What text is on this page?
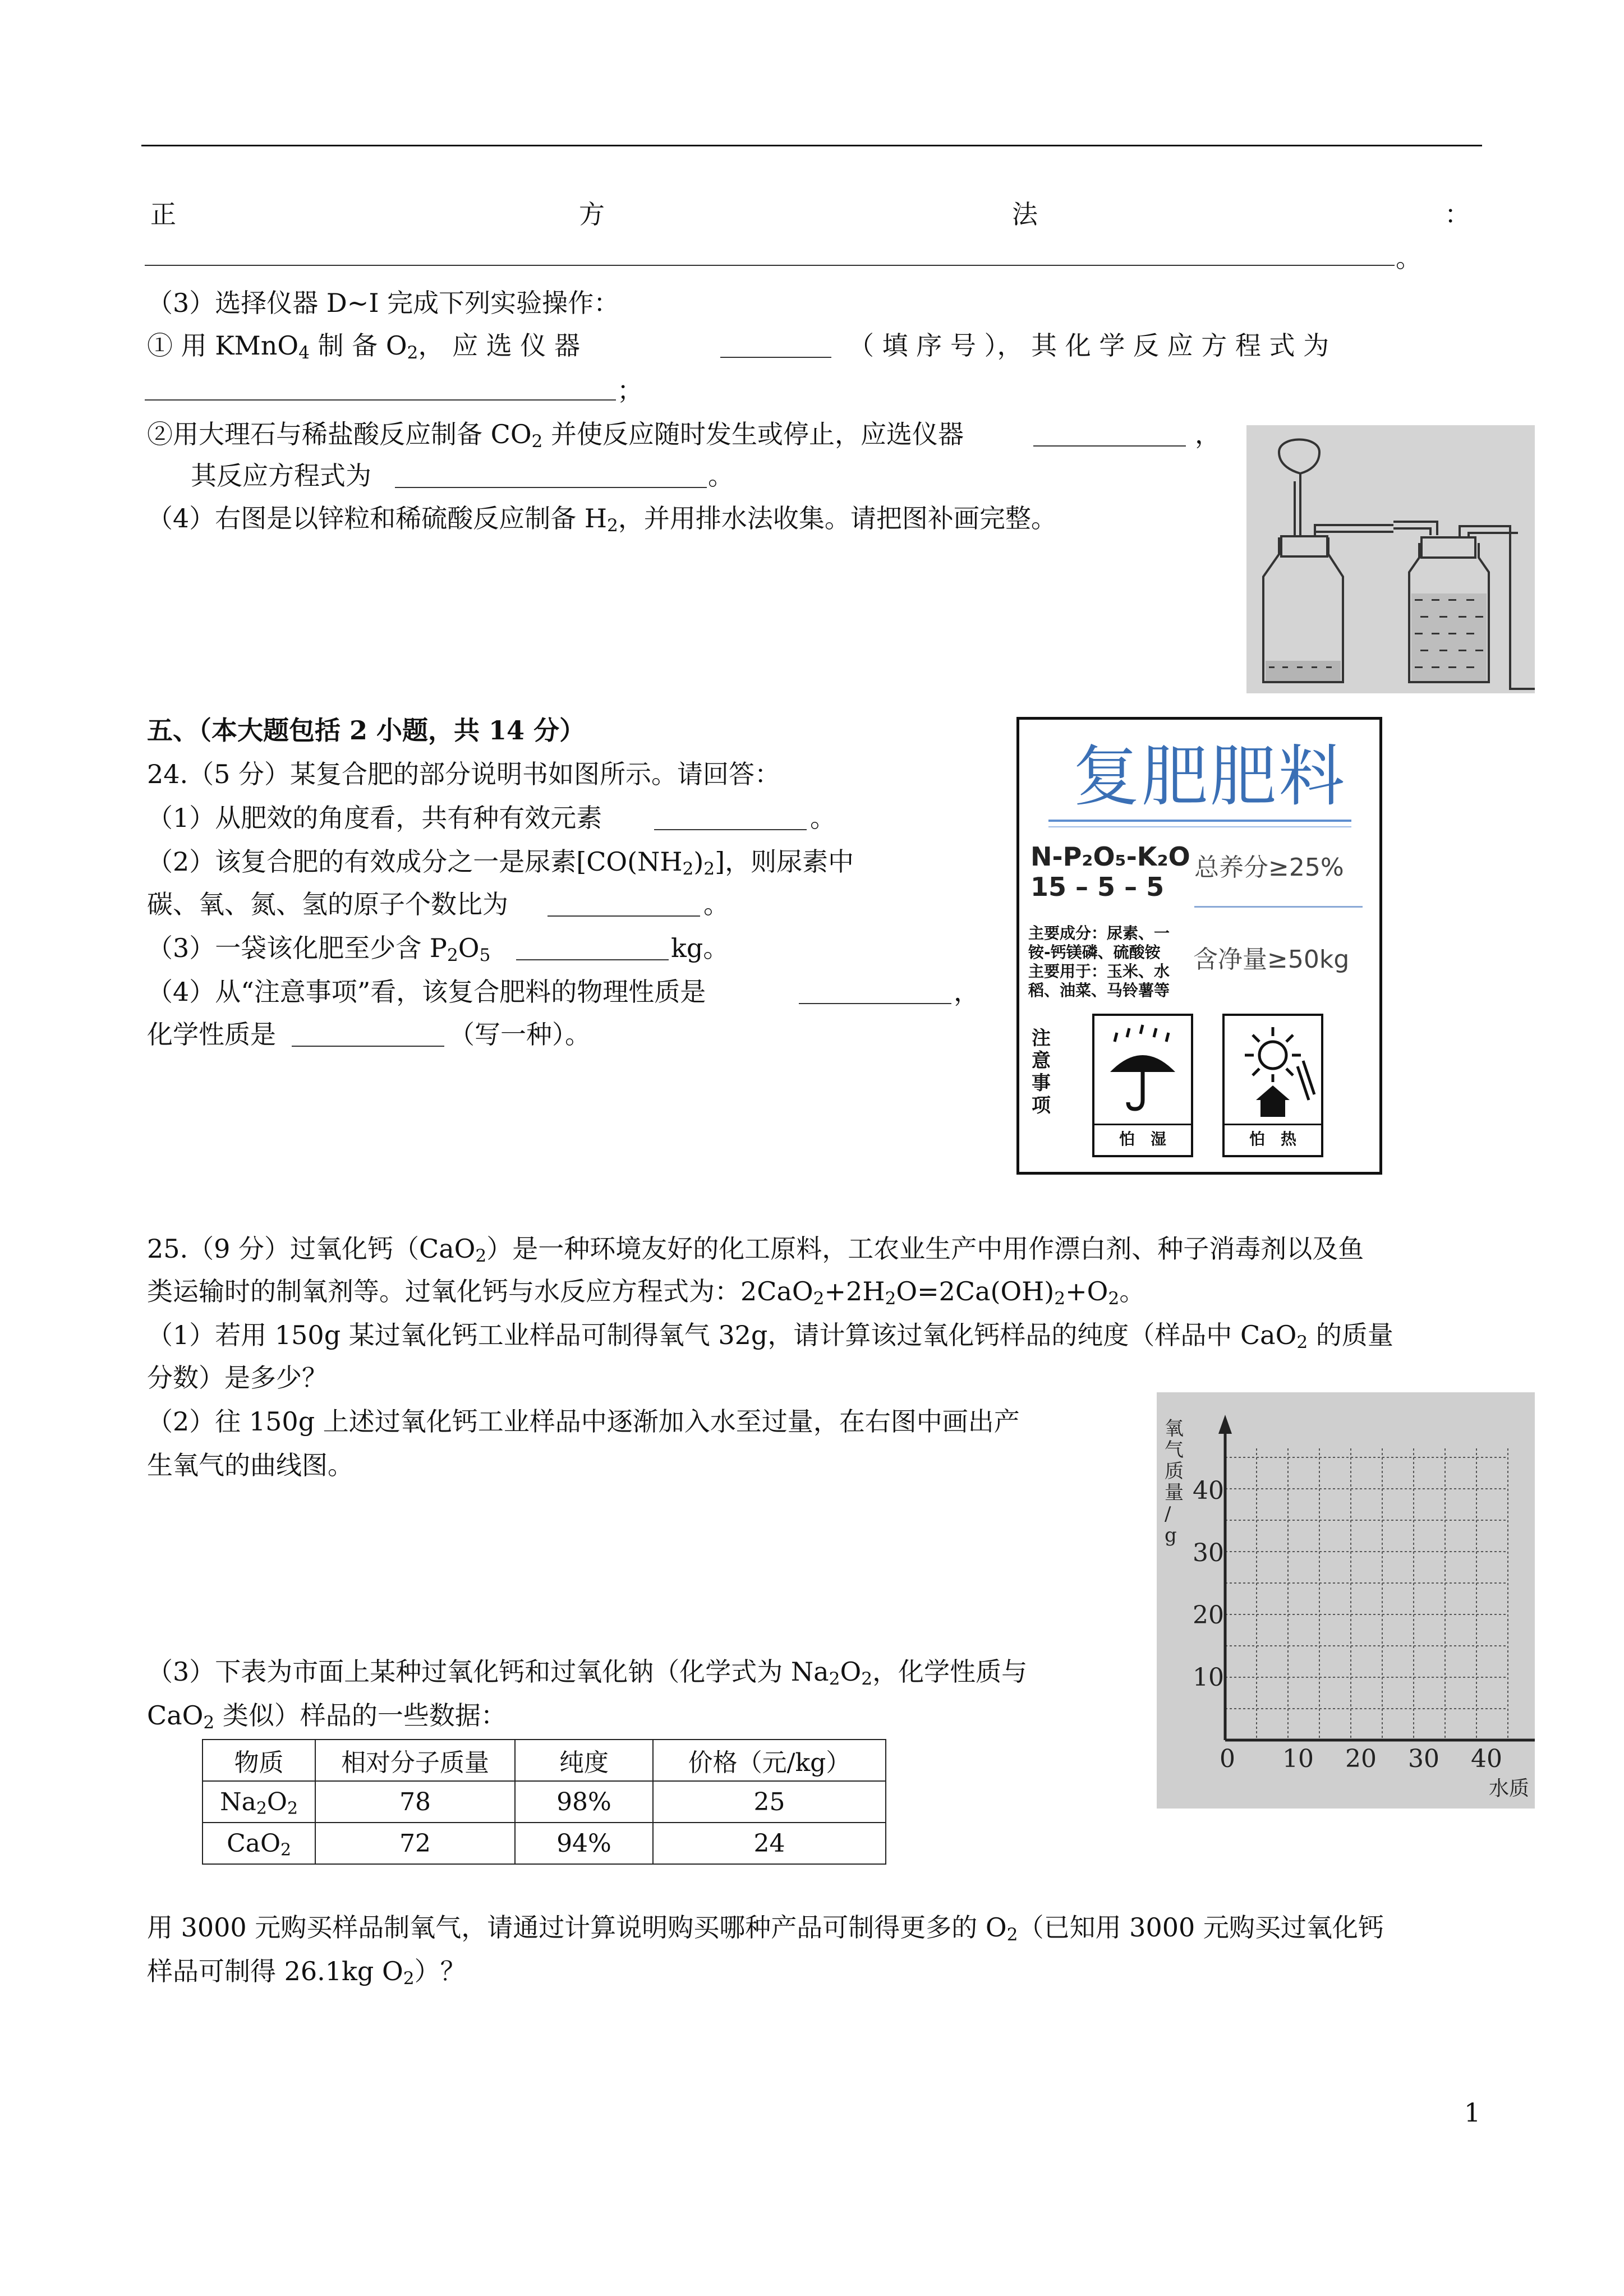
正	方	法	：
。
（3）选择仪器 D~I 完成下列实验操作：
① 用 KMnO$_4$ 制 备 $O_2$， 应 选 仪 器	（ 填 序 号 ）， 其 化 学 反 应 方 程 式 为
；
②用大理石与稀盐酸反应制备 $CO_2$ 并使反应随时发生或停止，应选仪器	，
其反应方程式为	。
（4）右图是以锌粒和稀硫酸反应制备 $H_2$，并用排水法收集。请把图补画完整。
五、（本大题包括 2 小题，共 14 分）
24.（5 分）某复合肥的部分说明书如图所示。请回答：
（1）从肥效的角度看，共有种有效元素	。
（2）该复合肥的有效成分之一是尿素$[CO(NH_2)_2]$，则尿素中
碳、氧、氮、氢的原子个数比为	。
（3）一袋该化肥至少含 $P_2O_5$	kg。
（4）从“注意事项”看，该复合肥料的物理性质是	，
化学性质是	（写一种）。
复肥肥料
N-P₂O₅-K₂O
15 – 5 – 5
总养分≥25%
主要成分：尿素、一
铵-钙镁磷、硫酸铵
主要用于：玉米、水
稻、油菜、马铃薯等
含净量≥50kg
注意事项
怕　湿	怕　热
25.（9 分）过氧化钙（CaO$_2$）是一种环境友好的化工原料，工农业生产中用作漂白剂、种子消毒剂以及鱼
类运输时的制氧剂等。过氧化钙与水反应方程式为：$2CaO_2+2H_2O=2Ca(OH)_2+O_2$。
（1）若用 150g 某过氧化钙工业样品可制得氧气 32g，请计算该过氧化钙样品的纯度（样品中 CaO$_2$ 的质量
分数）是多少？
（2）往 150g 上述过氧化钙工业样品中逐渐加入水至过量，在右图中画出产
生氧气的曲线图。
（3）下表为市面上某种过氧化钙和过氧化钠（化学式为 $Na_2O_2$，化学性质与
CaO$_2$ 类似）样品的一些数据：
物质	相对分子质量	纯度	价格（元/kg）
$Na_2O_2$	78	98%	25
CaO$_2$	72	94%	24
40
30
20
10
0 10 20 30 40
氧气质量/ g
水质
用 3000 元购买样品制氧气，请通过计算说明购买哪种产品可制得更多的 $O_2$（已知用 3000 元购买过氧化钙
样品可制得 26.1kg $O_2$）？
1
